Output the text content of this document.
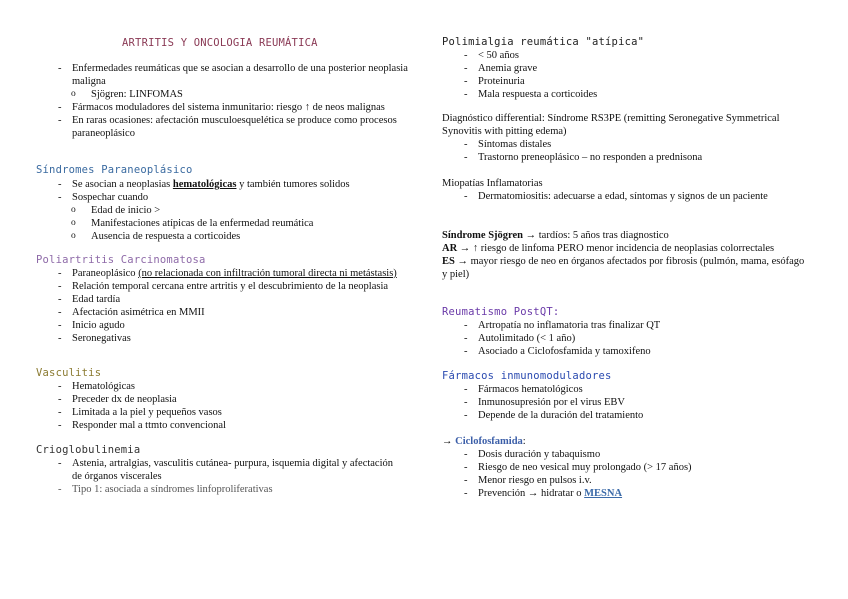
ARTRITIS Y ONCOLOGIA REUMÁTICA
- Enfermedades reumáticas que se asocian a desarrollo de una posterior neoplasia maligna
o Sjögren: LINFOMAS
- Fármacos moduladores del sistema inmunitario: riesgo ↑ de neos malignas
- En raras ocasiones: afectación musculoesquelética se produce como procesos paraneoplásico
Síndromes Paraneoplásico
- Se asocian a neoplasias hematológicas y también tumores solidos
- Sospechar cuando
o Edad de inicio >
o Manifestaciones atípicas de la enfermedad reumática
o Ausencia de respuesta a corticoides
Poliartritis Carcinomatosa
- Paraneoplásico (no relacionada con infiltración tumoral directa ni metástasis)
- Relación temporal cercana entre artritis y el descubrimiento de la neoplasia
- Edad tardía
- Afectación asimétrica en MMII
- Inicio agudo
- Seronegativas
Vasculitis
- Hematológicas
- Preceder dx de neoplasia
- Limitada a la piel y pequeños vasos
- Responder mal a ttmto convencional
Crioglobulinemia
- Astenia, artralgias, vasculitis cutánea- purpura, isquemia digital y afectación de órganos viscerales
- Tipo 1: asociada a síndromes linfoproliferativas
Polimialgia reumática "atípica"
- < 50 años
- Anemia grave
- Proteinuria
- Mala respuesta a corticoides

Diagnóstico differential: Síndrome RS3PE (remitting Seronegative Symmetrical Synovitis with pitting edema)

- Síntomas distales
- Trastorno preneoplásico – no responden a prednisona

Miopatías Inflamatorias

- Dermatomiositis: adecuarse a edad, síntomas y signos de un paciente

Síndrome Sjögren → tardíos: 5 años tras diagnostico

AR → ↑ riesgo de linfoma PERO menor incidencia de neoplasias colorrectales

ES → mayor riesgo de neo en órganos afectados por fibrosis (pulmón, mama, esófago y piel)

Reumatismo PostQT:
- Artropatía no inflamatoria tras finalizar QT
- Autolimitado (< 1 año)
- Asociado a Ciclofosfamida y tamoxifeno
Fármacos inmunomoduladores
- Fármacos hematológicos
- Inmunosupresión por el virus EBV
- Depende de la duración del tratamiento

→ Ciclofosfamida:

- Dosis duración y tabaquismo
- Riesgo de neo vesical muy prolongado (> 17 años)
- Menor riesgo en pulsos i.v.
- Prevención → hidratar o MESNA
